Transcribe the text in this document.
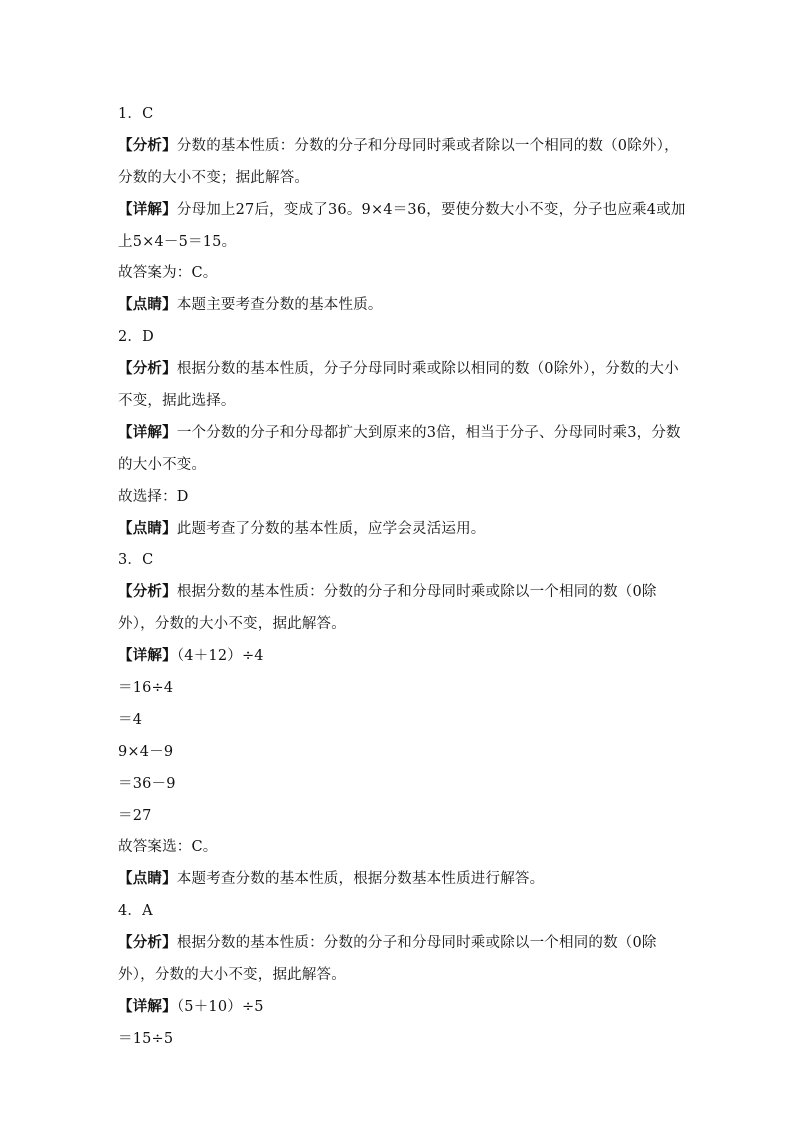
1．C
【分析】分数的基本性质：分数的分子和分母同时乘或者除以一个相同的数（0除外），
分数的大小不变；据此解答。
【详解】分母加上27后，变成了36。9×4＝36，要使分数大小不变，分子也应乘4或加
上5×4－5＝15。
故答案为：C。
【点睛】本题主要考查分数的基本性质。
2．D
【分析】根据分数的基本性质，分子分母同时乘或除以相同的数（0除外），分数的大小
不变，据此选择。
【详解】一个分数的分子和分母都扩大到原来的3倍，相当于分子、分母同时乘3，分数
的大小不变。
故选择：D
【点睛】此题考查了分数的基本性质，应学会灵活运用。
3．C
【分析】根据分数的基本性质：分数的分子和分母同时乘或除以一个相同的数（0除
外），分数的大小不变，据此解答。
【详解】（4＋12）÷4
＝16÷4
＝4
9×4－9
＝36－9
＝27
故答案选：C。
【点睛】本题考查分数的基本性质，根据分数基本性质进行解答。
4．A
【分析】根据分数的基本性质：分数的分子和分母同时乘或除以一个相同的数（0除
外），分数的大小不变，据此解答。
【详解】（5＋10）÷5
＝15÷5
